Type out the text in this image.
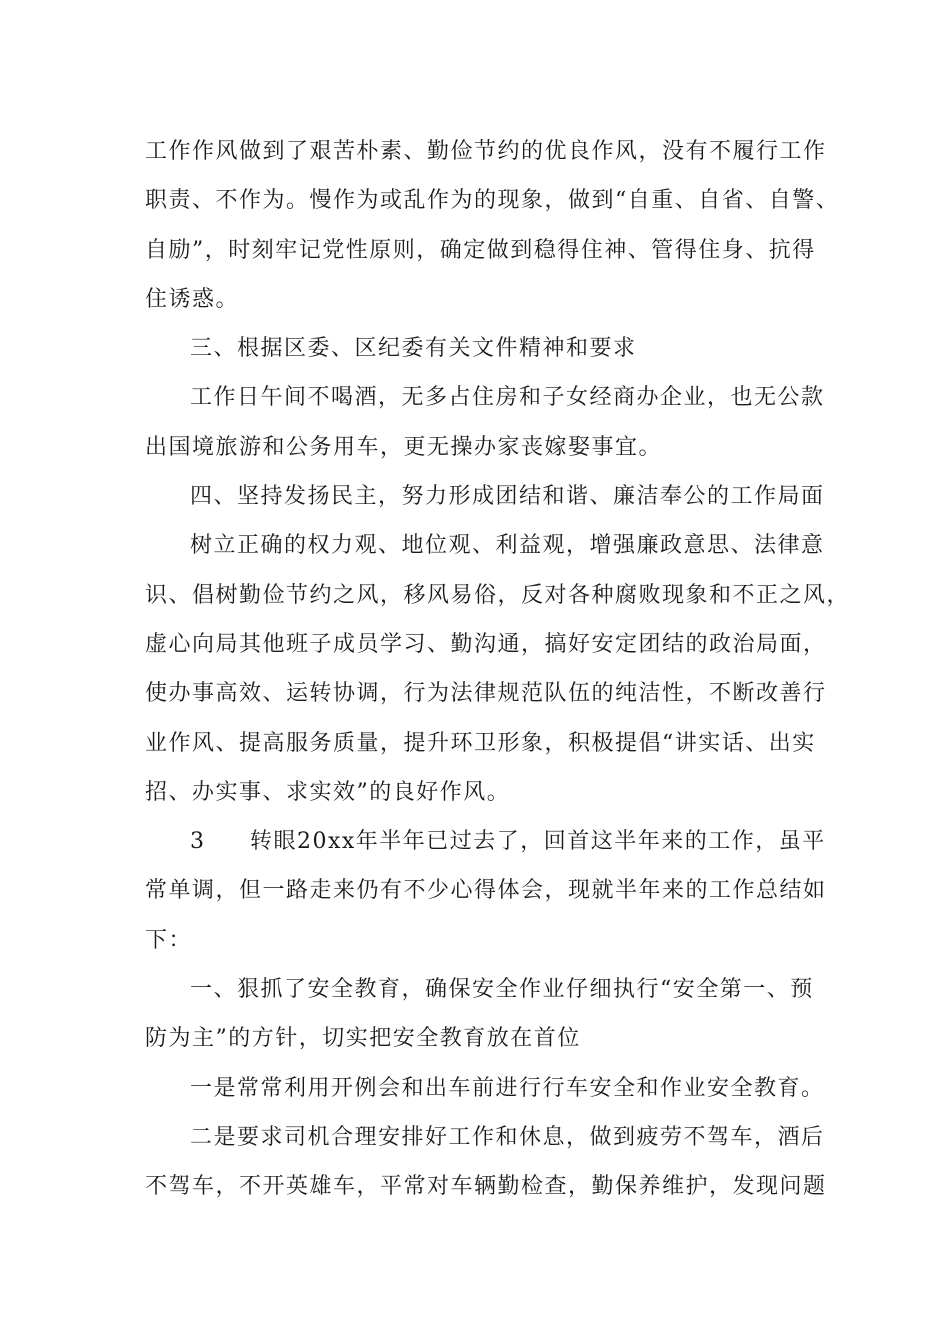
工作作风做到了艰苦朴素、勤俭节约的优良作风，没有不履行工作
职责、不作为。慢作为或乱作为的现象，做到“自重、自省、自警、
自励”，时刻牢记党性原则，确定做到稳得住神、管得住身、抗得
住诱惑。
三、根据区委、区纪委有关文件精神和要求
工作日午间不喝酒，无多占住房和子女经商办企业，也无公款
出国境旅游和公务用车，更无操办家丧嫁娶事宜。
四、坚持发扬民主，努力形成团结和谐、廉洁奉公的工作局面
树立正确的权力观、地位观、利益观，增强廉政意思、法律意
识、倡树勤俭节约之风，移风易俗，反对各种腐败现象和不正之风，
虚心向局其他班子成员学习、勤沟通，搞好安定团结的政治局面，
使办事高效、运转协调，行为法律规范队伍的纯洁性，不断改善行
业作风、提高服务质量，提升环卫形象，积极提倡“讲实话、出实
招、办实事、求实效”的良好作风。
3 转眼20xx年半年已过去了，回首这半年来的工作，虽平
常单调，但一路走来仍有不少心得体会，现就半年来的工作总结如
下：
一、狠抓了安全教育，确保安全作业仔细执行“安全第一、预
防为主”的方针，切实把安全教育放在首位
一是常常利用开例会和出车前进行行车安全和作业安全教育。
二是要求司机合理安排好工作和休息，做到疲劳不驾车，酒后
不驾车，不开英雄车，平常对车辆勤检查，勤保养维护，发现问题
